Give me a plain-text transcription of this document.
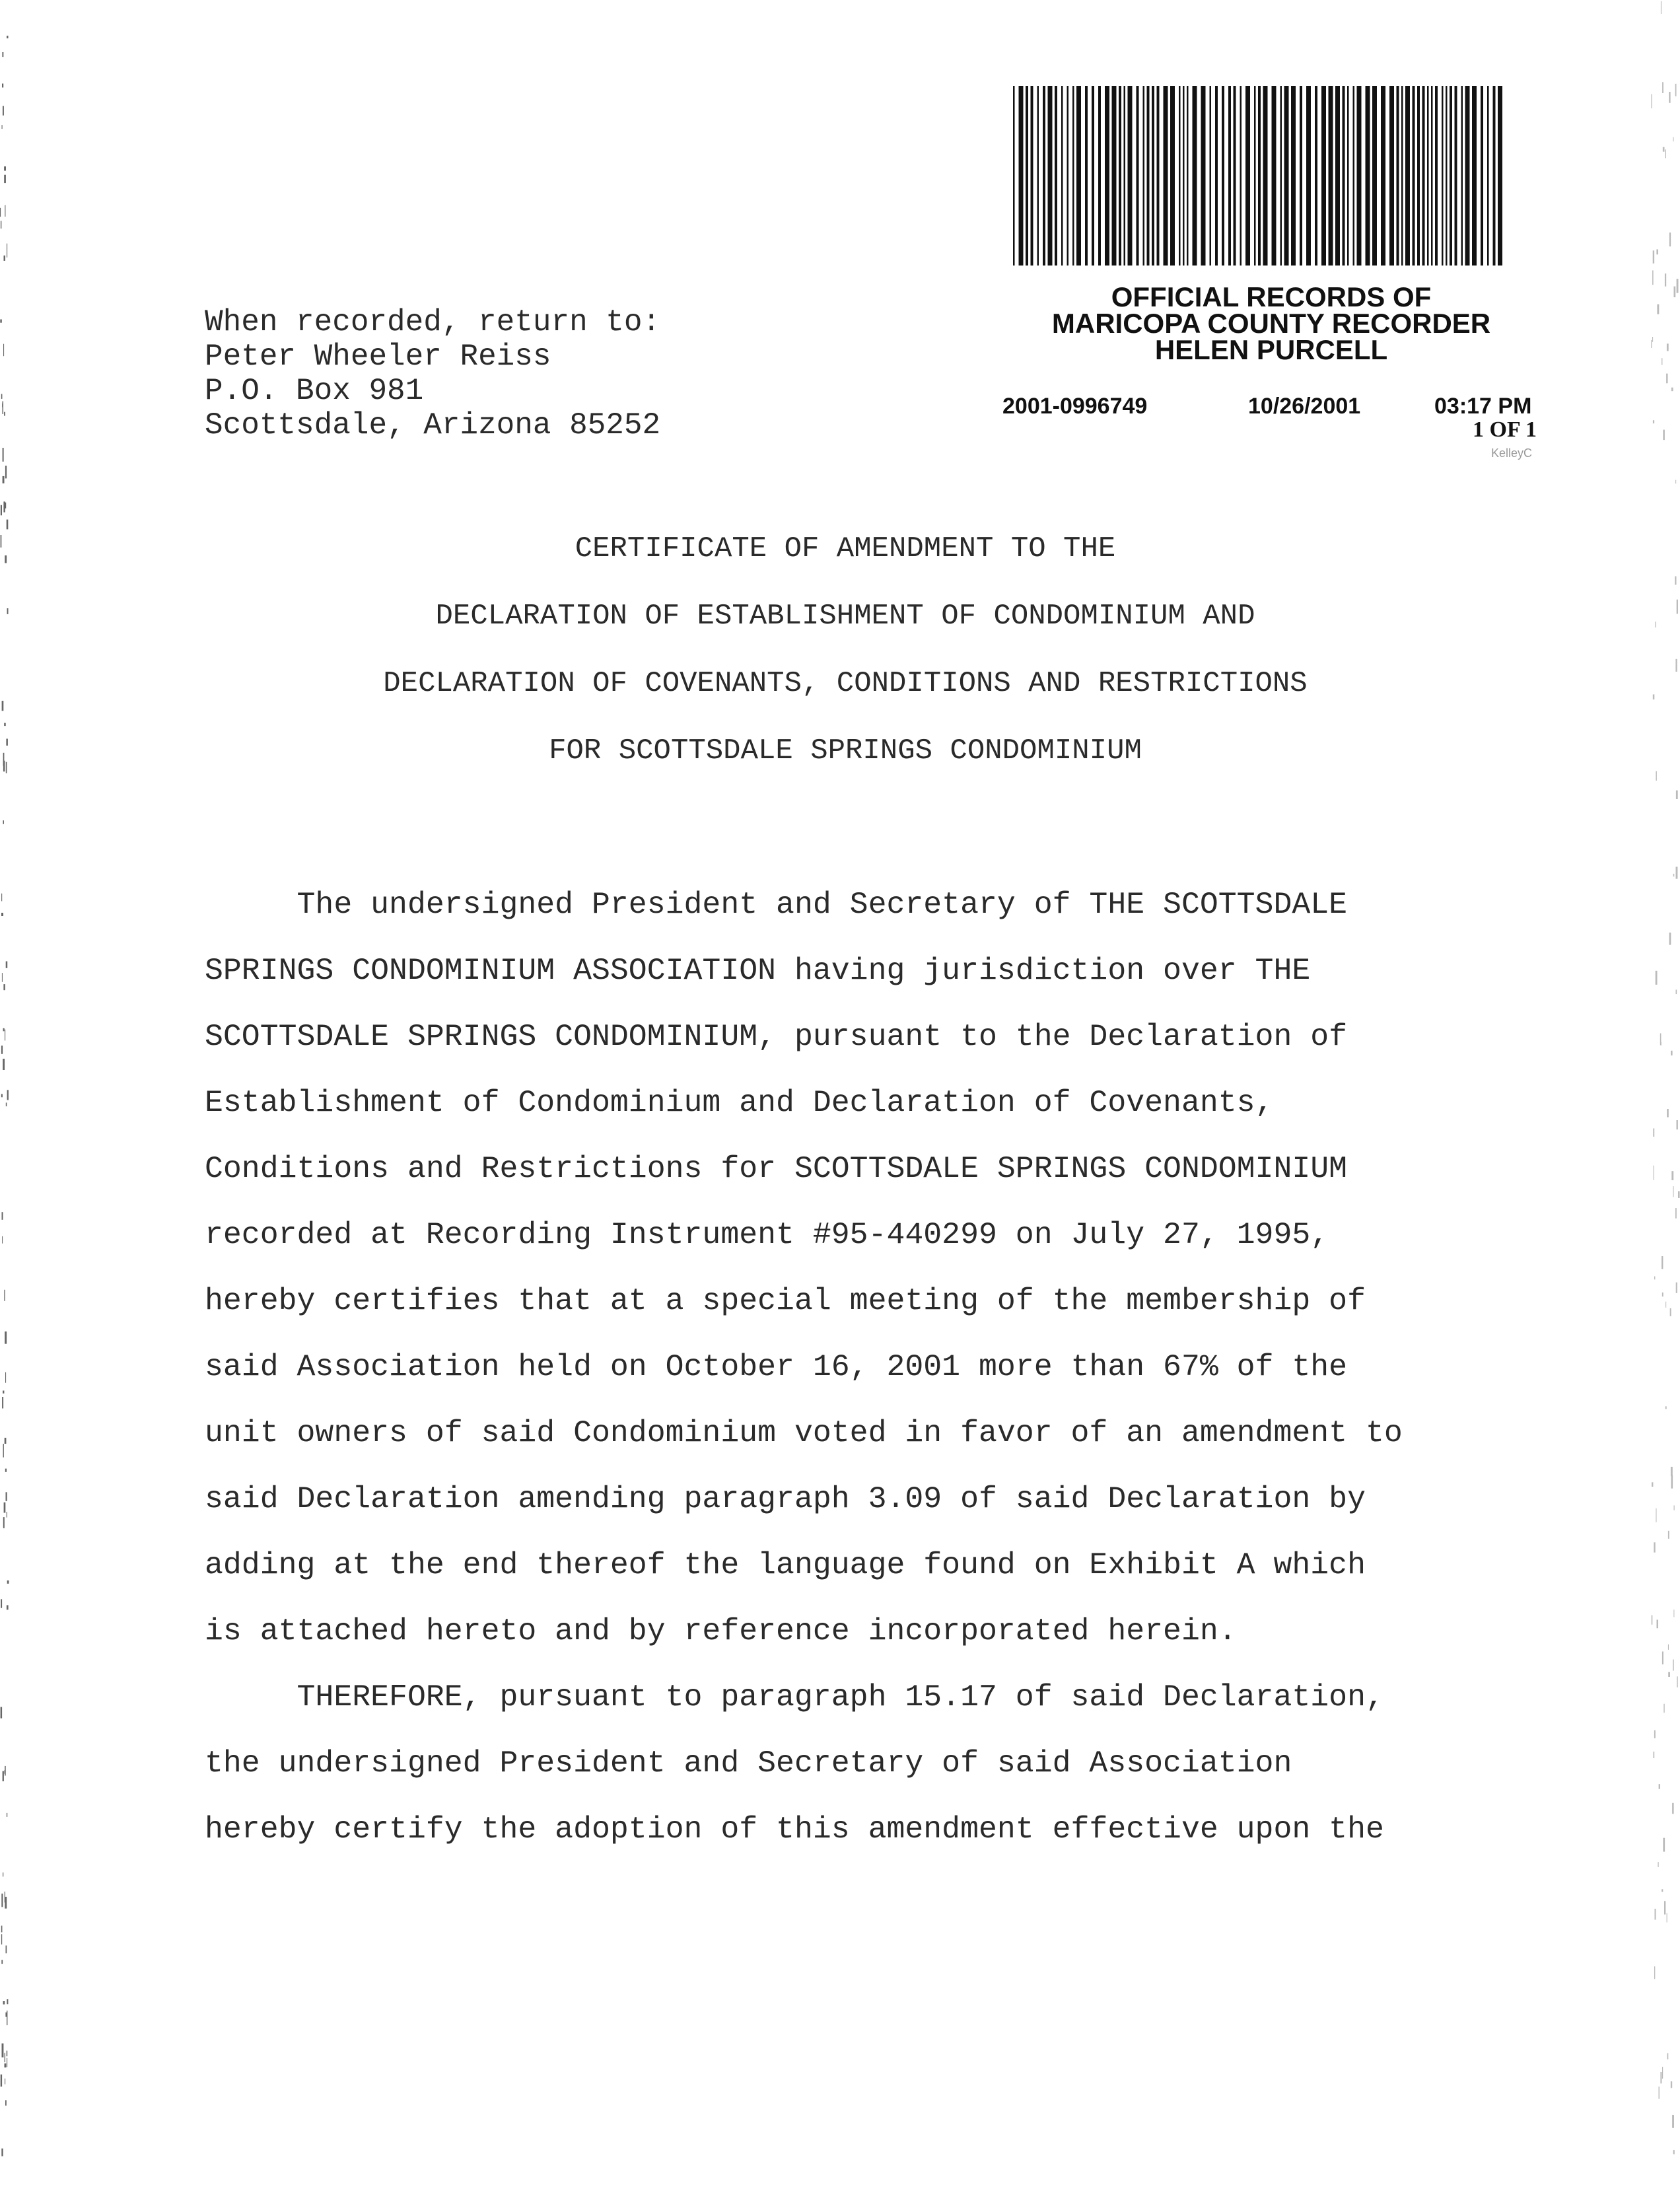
OFFICIAL RECORDS OF
MARICOPA COUNTY RECORDER
HELEN PURCELL
2001-0996749	10/26/2001	03:17 PM
1 OF 1
KelleyC
When recorded, return to:
Peter Wheeler Reiss
P.O. Box 981
Scottsdale, Arizona 85252
CERTIFICATE OF AMENDMENT TO THE
DECLARATION OF ESTABLISHMENT OF CONDOMINIUM AND
DECLARATION OF COVENANTS, CONDITIONS AND RESTRICTIONS
FOR SCOTTSDALE SPRINGS CONDOMINIUM
The undersigned President and Secretary of THE SCOTTSDALE
SPRINGS CONDOMINIUM ASSOCIATION having jurisdiction over THE
SCOTTSDALE SPRINGS CONDOMINIUM, pursuant to the Declaration of
Establishment of Condominium and Declaration of Covenants,
Conditions and Restrictions for SCOTTSDALE SPRINGS CONDOMINIUM
recorded at Recording Instrument #95-440299 on July 27, 1995,
hereby certifies that at a special meeting of the membership of
said Association held on October 16, 2001 more than 67% of the
unit owners of said Condominium voted in favor of an amendment to
said Declaration amending paragraph 3.09 of said Declaration by
adding at the end thereof the language found on Exhibit A which
is attached hereto and by reference incorporated herein.
THEREFORE, pursuant to paragraph 15.17 of said Declaration,
the undersigned President and Secretary of said Association
hereby certify the adoption of this amendment effective upon the
